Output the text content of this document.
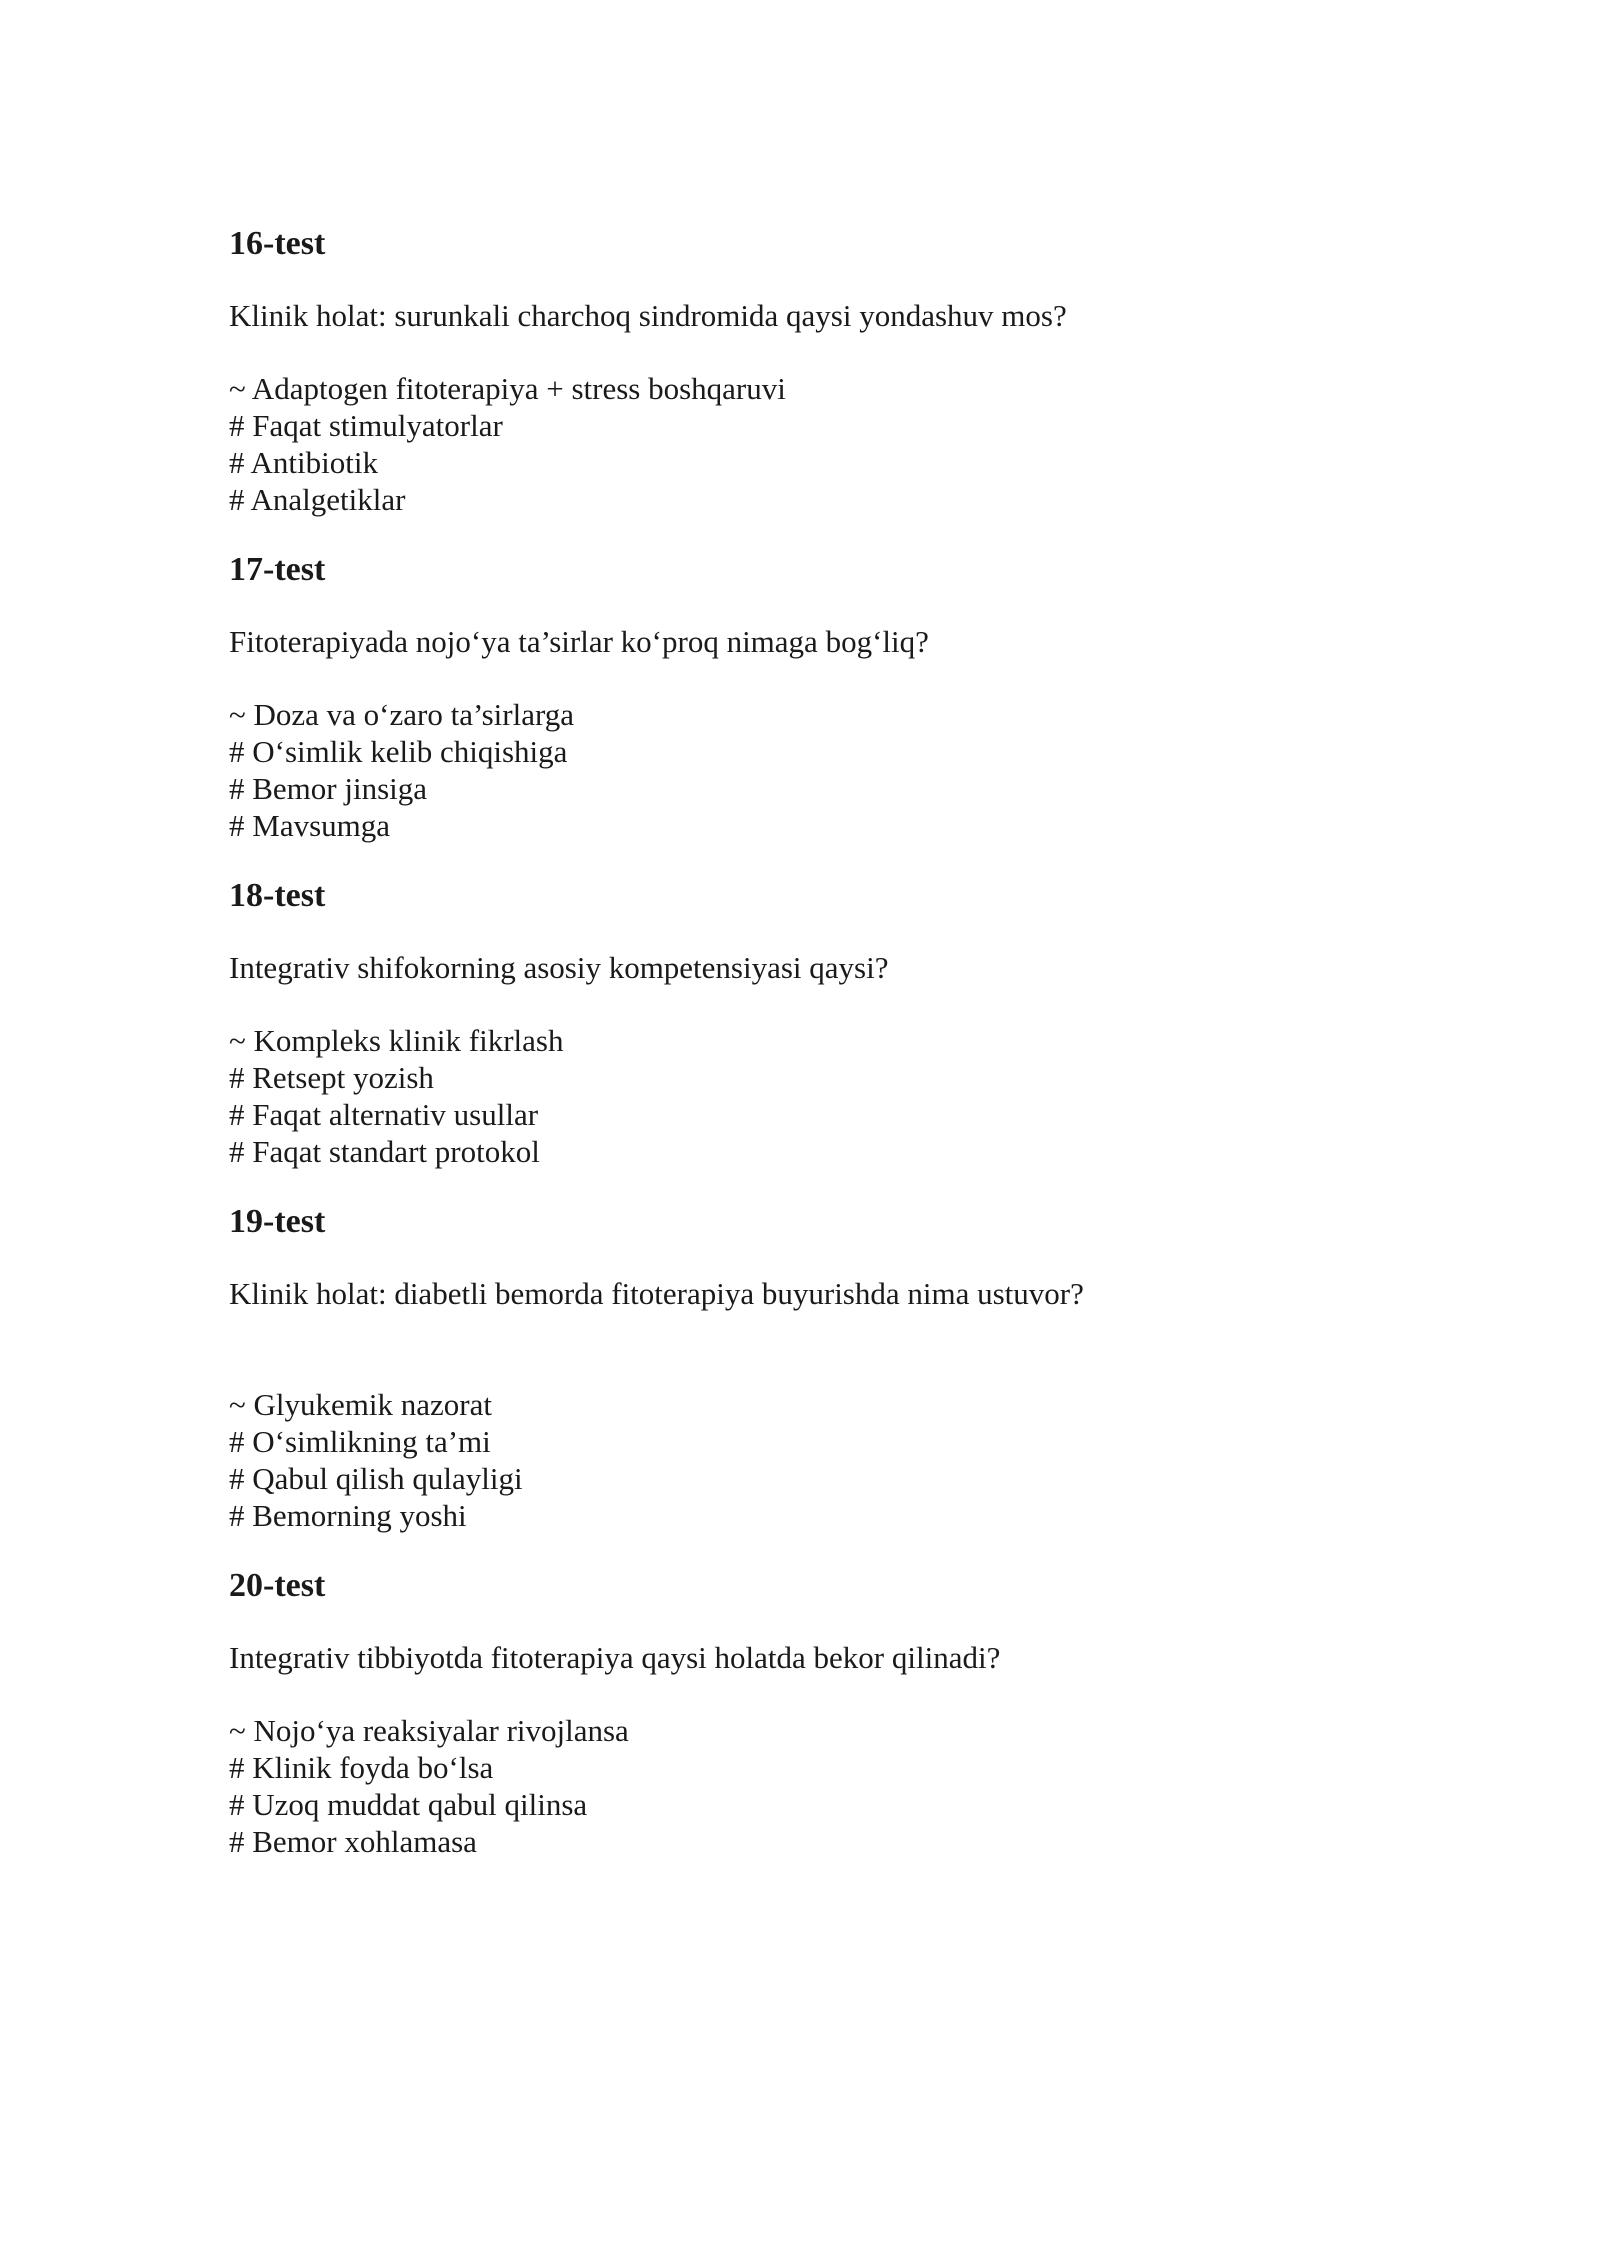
16-test

Klinik holat: surunkali charchoq sindromida qaysi yondashuv mos?

~ Adaptogen fitoterapiya + stress boshqaruvi
# Faqat stimulyatorlar
# Antibiotik
# Analgetiklar
17-test

Fitoterapiyada nojo‘ya ta’sirlar ko‘proq nimaga bog‘liq?

~ Doza va o‘zaro ta’sirlarga
# O‘simlik kelib chiqishiga
# Bemor jinsiga
# Mavsumga
18-test

Integrativ shifokorning asosiy kompetensiyasi qaysi?

~ Kompleks klinik fikrlash
# Retsept yozish
# Faqat alternativ usullar
# Faqat standart protokol
19-test

Klinik holat: diabetli bemorda fitoterapiya buyurishda nima ustuvor?

~ Glyukemik nazorat
# O‘simlikning ta’mi
# Qabul qilish qulayligi
# Bemorning yoshi
20-test

Integrativ tibbiyotda fitoterapiya qaysi holatda bekor qilinadi?

~ Nojo‘ya reaksiyalar rivojlansa
# Klinik foyda bo‘lsa
# Uzoq muddat qabul qilinsa
# Bemor xohlamasa
